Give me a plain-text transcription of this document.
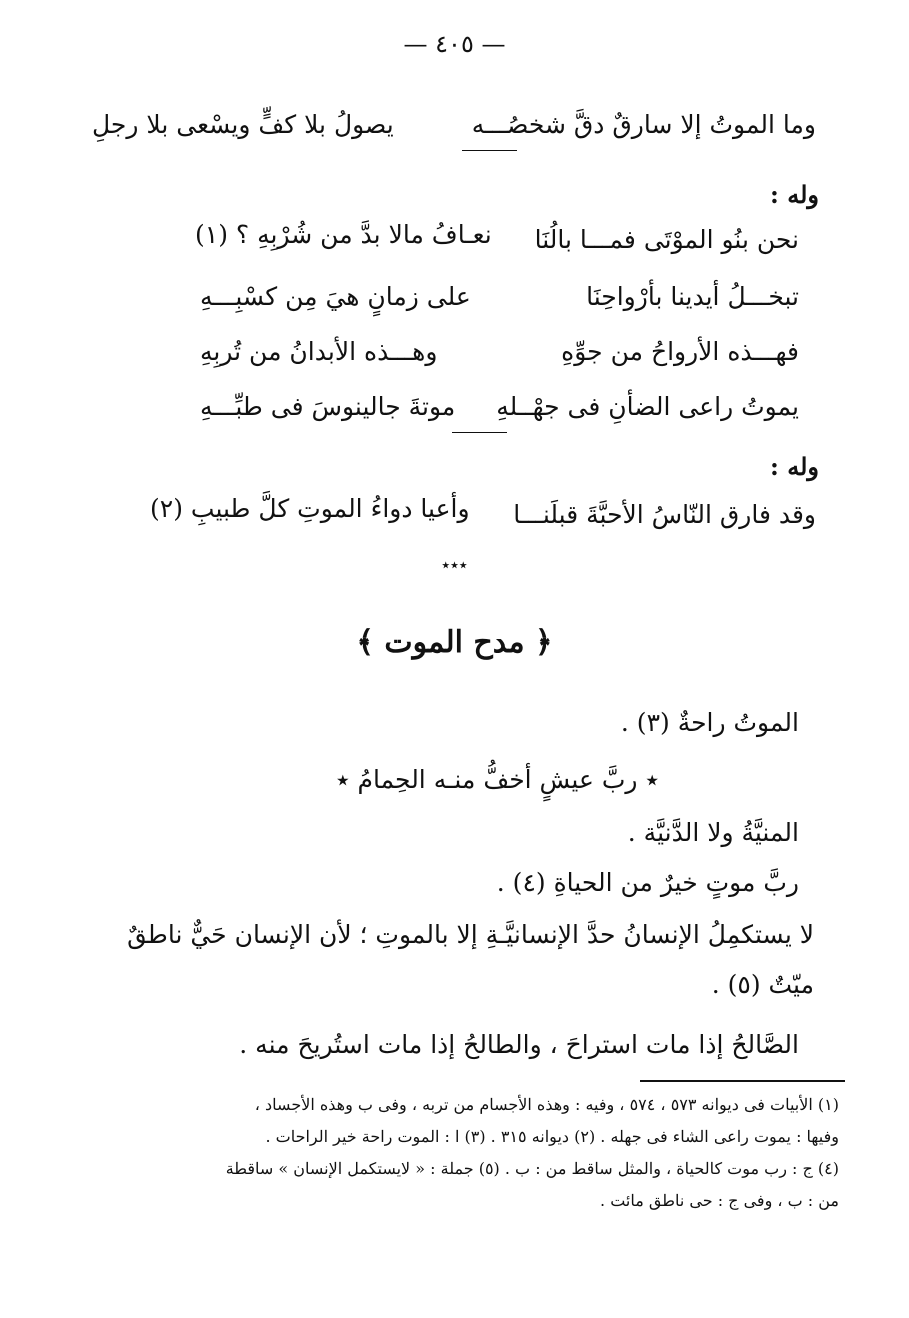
— ٤٠٥ —
وما الموتُ إلا سارقٌ دقَّ شخصُـــه
يصولُ بلا كفٍّ ويسْعى بلا رجلِ
وله :
نحن بنُو الموْتَى فمـــا بالُنَا
نعـافُ مالا بدَّ من شُرْبِهِ ؟ (١)
تبخـــلُ أيدينا بأرْواحِنَا
على زمانٍ هيَ مِن كسْبِـــهِ
فهـــذه الأرواحُ من جوِّهِ
وهـــذه الأبدانُ من تُربِهِ
يموتُ راعى الضأنِ فى جهْــلهِ
موتةَ جالينوسَ فى طبِّـــهِ
وله :
وقد فارق النّاسُ الأحبَّةَ قبلَنـــا
وأعيا دواءُ الموتِ كلَّ طبيبِ (٢)
٭٭٭
﴿ مدح الموت ﴾
الموتُ راحةٌ (٣) .
٭ ربَّ عيشٍ أخفُّ منـه الحِمامُ ٭
المنيَّةُ ولا الدَّنيَّة .
ربَّ موتٍ خيرٌ من الحياةِ (٤) .
لا يستكمِلُ الإنسانُ حدَّ الإنسانيَّـةِ إلا بالموتِ ؛ لأن الإنسان حَيٌّ ناطقٌ
ميّتٌ (٥) .
الصَّالحُ إذا مات استراحَ ، والطالحُ إذا مات استُريحَ منه .
(١) الأبيات فى ديوانه ٥٧٣ ، ٥٧٤ ، وفيه : وهذه الأجسام من تربه ، وفى ب وهذه الأجساد ،
وفيها : يموت راعى الشاء فى جهله . (٢) ديوانه ٣١٥ . (٣) ا : الموت راحة خير الراحات .
(٤) ج : رب موت كالحياة ، والمثل ساقط من : ب . (٥) جملة : « لايستكمل الإنسان » ساقطة
من : ب ، وفى ج : حى ناطق مائت .
